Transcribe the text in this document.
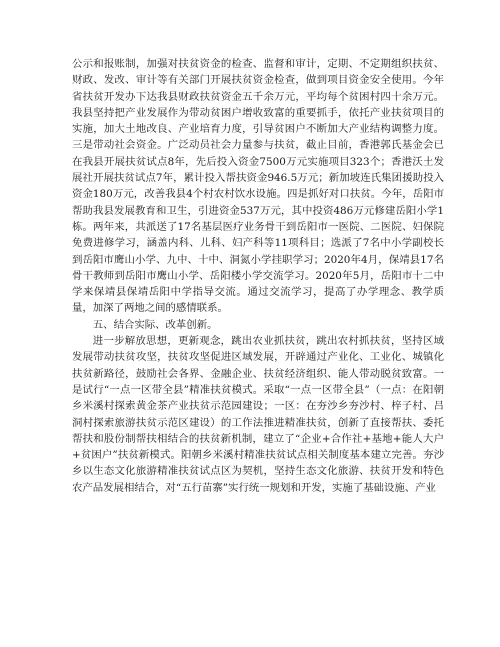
公示和报账制，加强对扶贫资金的检查、监督和审计，定期、不定期组织扶贫、财政、发改、审计等有关部门开展扶贫资金检查，做到项目资金安全使用。今年省扶贫开发办下达我县财政扶贫资金五千余万元，平均每个贫困村四十余万元。我县坚持把产业发展作为带动贫困户增收致富的重要抓手，依托产业扶贫项目的实施，加大土地改良、产业培育力度，引导贫困户不断加大产业结构调整力度。三是带动社会资金。广泛动员社会力量参与扶贫，截止目前，香港郭氏基金会已在我县开展扶贫试点8年，先后投入资金7500万元实施项目323个；香港沃土发展社开展扶贫试点7年，累计投入帮扶资金946.5万元；新加坡连氏集团援助投入资金180万元，改善我县4个村农村饮水设施。四是抓好对口扶贫。今年，岳阳市帮助我县发展教育和卫生，引进资金537万元，其中投资486万元修建岳阳小学1栋。两年来，共派送了17名基层医疗业务骨干到岳阳市一医院、二医院、妇保院免费进修学习，涵盖内科、儿科、妇产科等11项科目；选派了7名中小学副校长到岳阳市鹰山小学、九中、十中、洞氮小学挂职学习；2020年4月，保靖县17名骨干教师到岳阳市鹰山小学、岳阳楼小学交流学习。2020年5月，岳阳市十二中学来保靖县保靖岳阳中学指导交流。通过交流学习，提高了办学理念、教学质量，加深了两地之间的感情联系。

五、结合实际、改革创新。

进一步解放思想，更新观念，跳出农业抓扶贫，跳出农村抓扶贫，坚持区域发展带动扶贫攻坚，扶贫攻坚促进区域发展，开辟通过产业化、工业化、城镇化扶贫新路径，鼓励社会各界、金融企业、扶贫经济组织、能人带动脱贫致富。一是试行“一点一区带全县”精准扶贫模式。采取“一点一区带全县”（一点：在阳朝乡米溪村探索黄金茶产业扶贫示范园建设；一区：在夯沙乡夯沙村、梓子村、吕洞村探索旅游扶贫示范区建设）的工作法推进精准扶贫，创新了直接帮扶、委托帮扶和股份制帮扶相结合的扶贫新机制，建立了“企业+合作社+基地+能人大户+贫困户”扶贫新模式。阳朝乡米溪村精准扶贫试点相关制度基本建立完善。夯沙乡以生态文化旅游精准扶贫试点区为契机，坚持生态文化旅游、扶贫开发和特色农产品发展相结合，对“五行苗寨”实行统一规划和开发，实施了基础设施、产业
